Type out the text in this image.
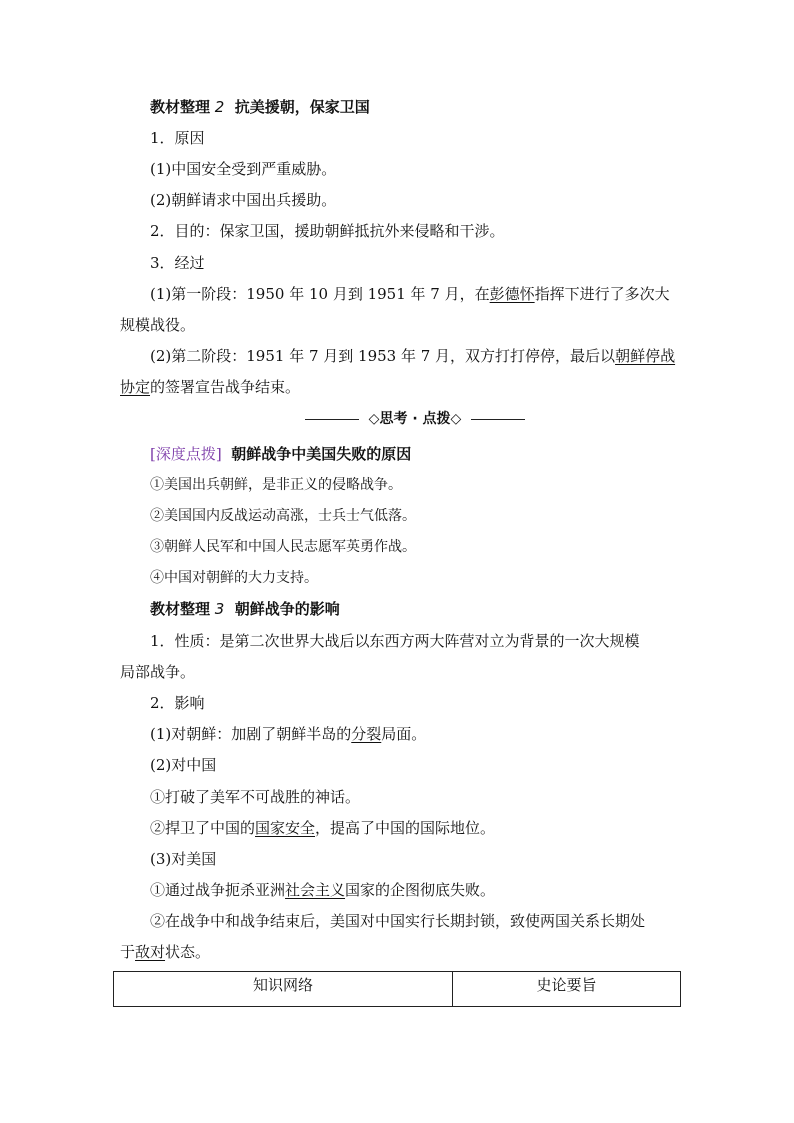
教材整理 2 抗美援朝，保家卫国
1．原因
(1)中国安全受到严重威胁。
(2)朝鲜请求中国出兵援助。
2．目的：保家卫国，援助朝鲜抵抗外来侵略和干涉。
3．经过
(1)第一阶段：1950 年 10 月到 1951 年 7 月，在彭德怀指挥下进行了多次大
规模战役。
(2)第二阶段：1951 年 7 月到 1953 年 7 月，双方打打停停，最后以朝鲜停战
协定的签署宣告战争结束。
◇思考 · 点拨◇
[深度点拨] 朝鲜战争中美国失败的原因
①美国出兵朝鲜，是非正义的侵略战争。
②美国国内反战运动高涨，士兵士气低落。
③朝鲜人民军和中国人民志愿军英勇作战。
④中国对朝鲜的大力支持。
教材整理 3 朝鲜战争的影响
1．性质：是第二次世界大战后以东西方两大阵营对立为背景的一次大规模
局部战争。
2．影响
(1)对朝鲜：加剧了朝鲜半岛的分裂局面。
(2)对中国
①打破了美军不可战胜的神话。
②捍卫了中国的国家安全，提高了中国的国际地位。
(3)对美国
①通过战争扼杀亚洲社会主义国家的企图彻底失败。
②在战争中和战争结束后，美国对中国实行长期封锁，致使两国关系长期处
于敌对状态。
知识网络	史论要旨
